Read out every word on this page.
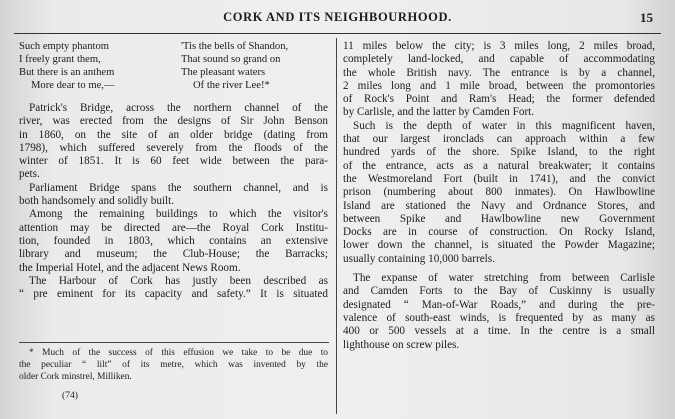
CORK AND ITS NEIGHBOURHOOD.	15
Such empty phantom
I freely grant them,
But there is an anthem
More dear to me,—
'Tis the bells of Shandon,
That sound so grand on
The pleasant waters
Of the river Lee!*
Patrick's Bridge, across the northern channel of the
river, was erected from the designs of Sir John Benson
in 1860, on the site of an older bridge (dating from
1798), which suffered severely from the floods of the
winter of 1851. It is 60 feet wide between the para-
pets.
Parliament Bridge spans the southern channel, and is
both handsomely and solidly built.
Among the remaining buildings to which the visitor's
attention may be directed are—the Royal Cork Institu-
tion, founded in 1803, which contains an extensive
library and museum; the Club-House; the Barracks;
the Imperial Hotel, and the adjacent News Room.
The Harbour of Cork has justly been described as
“ pre eminent for its capacity and safety.” It is situated
* Much of the success of this effusion we take to be due to
the peculiar “ lilt” of its metre, which was invented by the
older Cork minstrel, Milliken.
(74)
11 miles below the city; is 3 miles long, 2 miles broad,
completely land-locked, and capable of accommodating
the whole British navy. The entrance is by a channel,
2 miles long and 1 mile broad, between the promontories
of Rock's Point and Ram's Head; the former defended
by Carlisle, and the latter by Camden Fort.
Such is the depth of water in this magnificent haven,
that our largest ironclads can approach within a few
hundred yards of the shore. Spike Island, to the right
of the entrance, acts as a natural breakwater; it contains
the Westmoreland Fort (built in 1741), and the convict
prison (numbering about 800 inmates). On Hawlbowline
Island are stationed the Navy and Ordnance Stores, and
between Spike and Hawlbowline new Government
Docks are in course of construction. On Rocky Island,
lower down the channel, is situated the Powder Magazine;
usually containing 10,000 barrels.
The expanse of water stretching from between Carlisle
and Camden Forts to the Bay of Cuskinny is usually
designated “ Man-of-War Roads,” and during the pre-
valence of south-east winds, is frequented by as many as
400 or 500 vessels at a time. In the centre is a small
lighthouse on screw piles.
